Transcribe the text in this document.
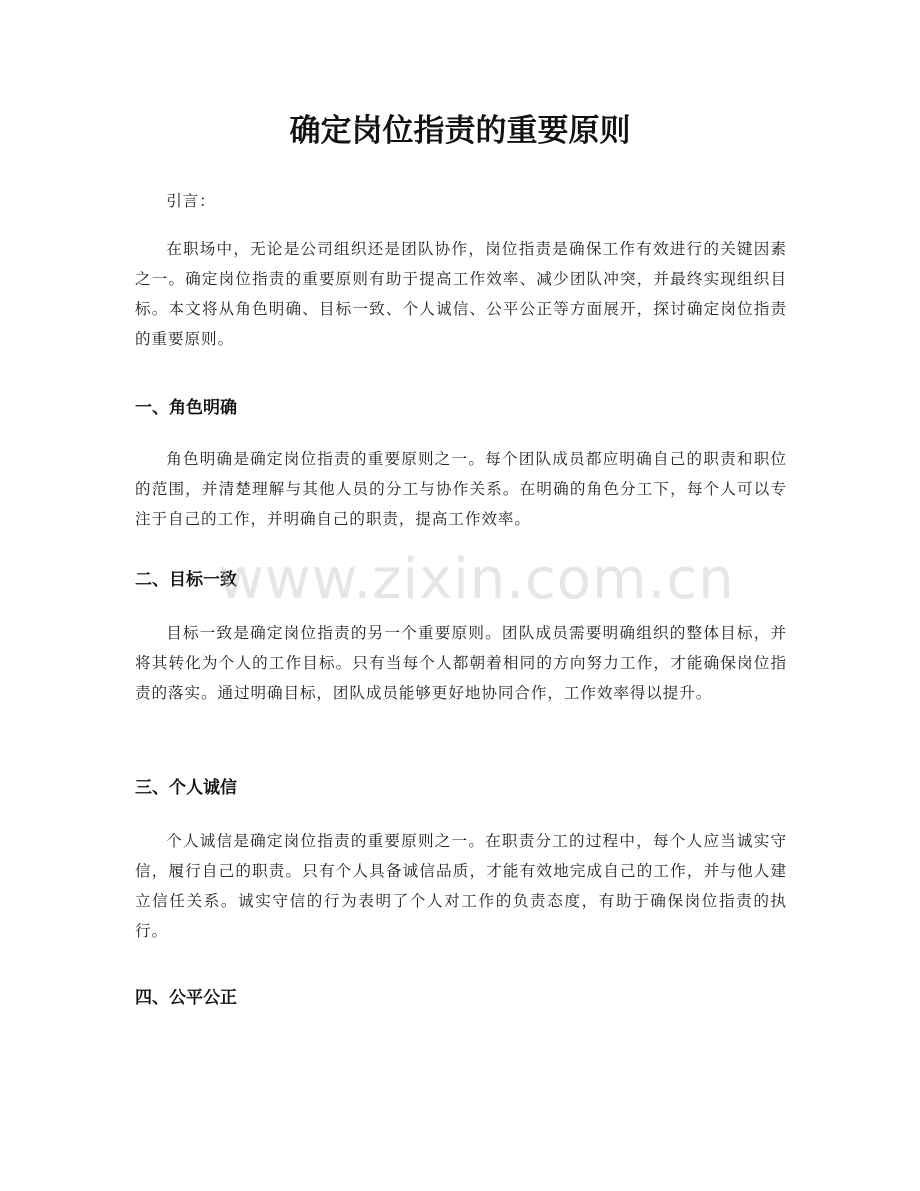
确定岗位指责的重要原则

引言：

在职场中，无论是公司组织还是团队协作，岗位指责是确保工作有效进行的关键因素之一。确定岗位指责的重要原则有助于提高工作效率、减少团队冲突，并最终实现组织目标。本文将从角色明确、目标一致、个人诚信、公平公正等方面展开，探讨确定岗位指责的重要原则。

一、角色明确

角色明确是确定岗位指责的重要原则之一。每个团队成员都应明确自己的职责和职位的范围，并清楚理解与其他人员的分工与协作关系。在明确的角色分工下，每个人可以专注于自己的工作，并明确自己的职责，提高工作效率。

二、目标一致

目标一致是确定岗位指责的另一个重要原则。团队成员需要明确组织的整体目标，并将其转化为个人的工作目标。只有当每个人都朝着相同的方向努力工作，才能确保岗位指责的落实。通过明确目标，团队成员能够更好地协同合作，工作效率得以提升。

三、个人诚信

个人诚信是确定岗位指责的重要原则之一。在职责分工的过程中，每个人应当诚实守信，履行自己的职责。只有个人具备诚信品质，才能有效地完成自己的工作，并与他人建立信任关系。诚实守信的行为表明了个人对工作的负责态度，有助于确保岗位指责的执行。

四、公平公正
www.zixin.com.cn
